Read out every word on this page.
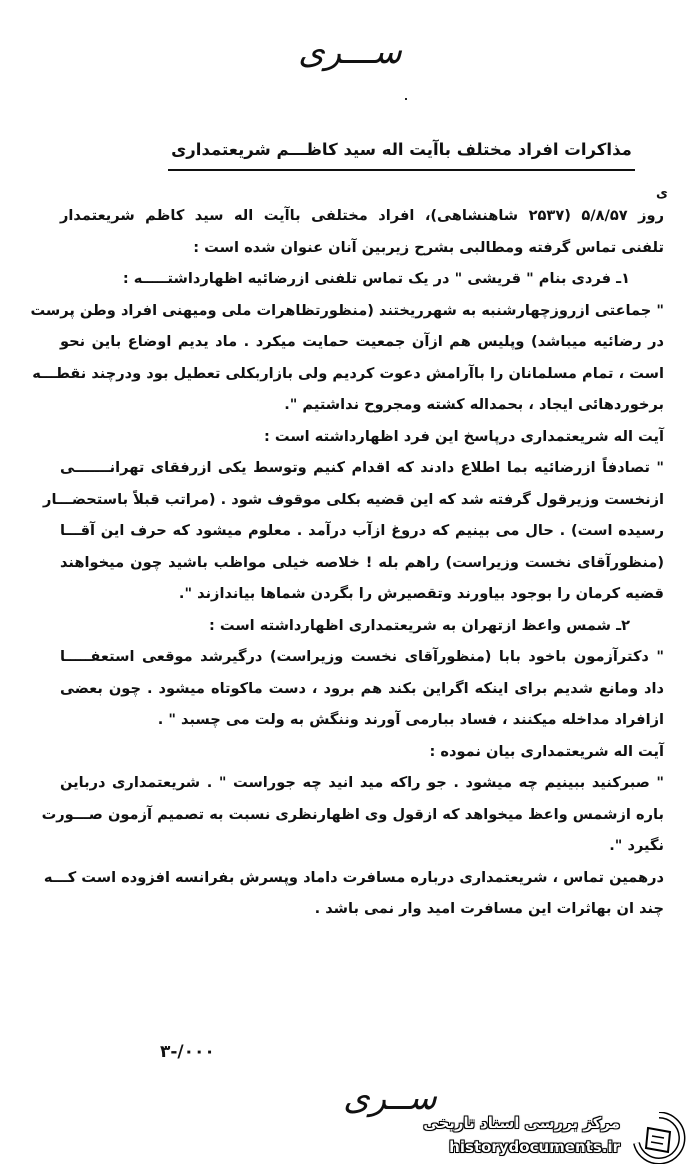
ســـری
مذاکرات افراد مختلف باآیت اله سید کاظـــم شریعتمداری
ی
روز ۵/۸/۵۷ (۲۵۳۷ شاهنشاهی)، افراد مختلفی باآیت اله سید کاظم شریعتمدار
تلفنی تماس گرفته ومطالبی بشرح زیربین آنان عنوان شده است :
۱ـ فردی بنام " قریشی " در یک تماس تلفنی ازرضائیه اظهارداشتـــــه :
" جماعتی ازروزچهارشنبه به شهرریختند (منظورتظاهرات ملی ومیهنی افراد وطن پرست
در رضائیه میباشد) وپلیس هم ازآن جمعیت حمایت میکرد . ماد یدیم اوضاع باین نحو
است ، تمام مسلمانان را باآرامش دعوت کردیم ولی بازاربکلی تعطیل بود ودرچند نقطـــه
برخوردهائی ایجاد ، بحمداله کشته ومجروح نداشتیم ".
آیت اله شریعتمداری درپاسخ این فرد اظهارداشته است :
" تصادفاً ازرضائیه بما اطلاع دادند که اقدام کنیم وتوسط یکی ازرفقای تهرانـــــــی
ازنخست وزیرقول گرفته شد که این قضیه بکلی موقوف شود . (مراتب قبلاً باستحضـــار
رسیده است) . حال می بینیم که دروغ ازآب درآمد . معلوم میشود که حرف این آقـــا
(منظورآقای نخست وزیراست) راهم بله ! خلاصه خیلی مواظب باشید چون میخواهند
قضیه کرمان را بوجود بیاورند وتقصیرش را بگردن شماها بیاندازند ".
۲ـ شمس واعظ ازتهران به شریعتمداری اظهارداشته است :
" دکترآزمون باخود بابا (منظورآقای نخست وزیراست) درگیرشد موقعی استعفـــــا
داد ومانع شدیم برای اینکه اگراین بکند هم برود ، دست ماکوتاه میشود . چون بعضی
ازافراد مداخله میکنند ، فساد ببارمی آورند وننگش به ولت می چسبد " .
آیت اله شریعتمداری بیان نموده :
" صبرکنید ببینیم چه میشود . جو راکه مید انید چه جوراست " . شریعتمداری درباین
باره ازشمس واعظ میخواهد که ازقول وی اظهارنظری نسبت به تصمیم آزمون صـــورت
نگیرد ".
درهمین تماس ، شریعتمداری درباره مسافرت داماد وپسرش بفرانسه افزوده است کـــه
چند ان بهاثرات این مسافرت امید وار نمی باشد .
۳-/۰۰۰
ســری
مرکز بررسی اسناد تاریخی
historydocuments.ir
